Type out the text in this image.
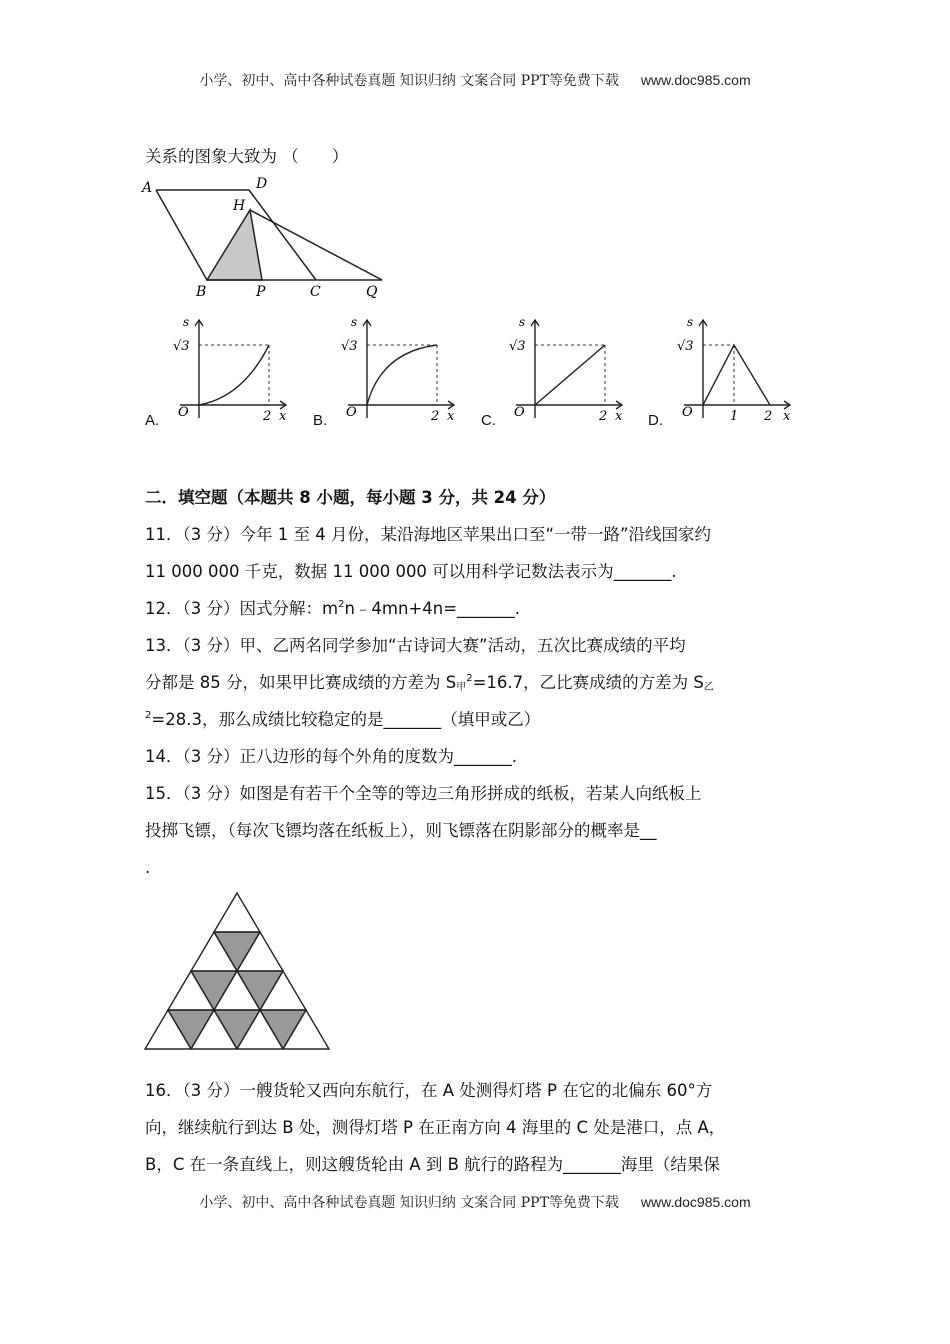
小学、初中、高中各种试卷真题 知识归纳 文案合同 PPT等免费下载 www.doc985.com
关系的图象大致为 （　　）
A	D
H
B	P	C	Q
A.
s
√3
O	2 x B.
s
√3
O	2 x C.
s
√3
O	2 x D.
s
√3
O	1 2 x
二．填空题（本题共 8 小题，每小题 3 分，共 24 分）
11．（3 分）今年 1 至 4 月份，某沿海地区苹果出口至“一带一路”沿线国家约
11 000 000 千克，数据 11 000 000 可以用科学记数法表示为_______.
12．（3 分）因式分解：$m^2n﹣4mn+4n=\_\_\_\_\_\_\_$.
13．（3 分）甲、乙两名同学参加“古诗词大赛”活动，五次比赛成绩的平均
分都是 85 分，如果甲比赛成绩的方差为 $S_甲^2=16.7$，乙比赛成绩的方差为 $S_乙$
$^2$=28.3，那么成绩比较稳定的是_______（填甲或乙）
14．（3 分）正八边形的每个外角的度数为_______.
15．（3 分）如图是有若干个全等的等边三角形拼成的纸板，若某人向纸板上
投掷飞镖，（每次飞镖均落在纸板上），则飞镖落在阴影部分的概率是__
.
16．（3 分）一艘货轮又西向东航行，在 A 处测得灯塔 P 在它的北偏东 60°方
向，继续航行到达 B 处，测得灯塔 P 在正南方向 4 海里的 C 处是港口，点 A，
B，C 在一条直线上，则这艘货轮由 A 到 B 航行的路程为_______海里（结果保
小学、初中、高中各种试卷真题 知识归纳 文案合同 PPT等免费下载 www.doc985.com
